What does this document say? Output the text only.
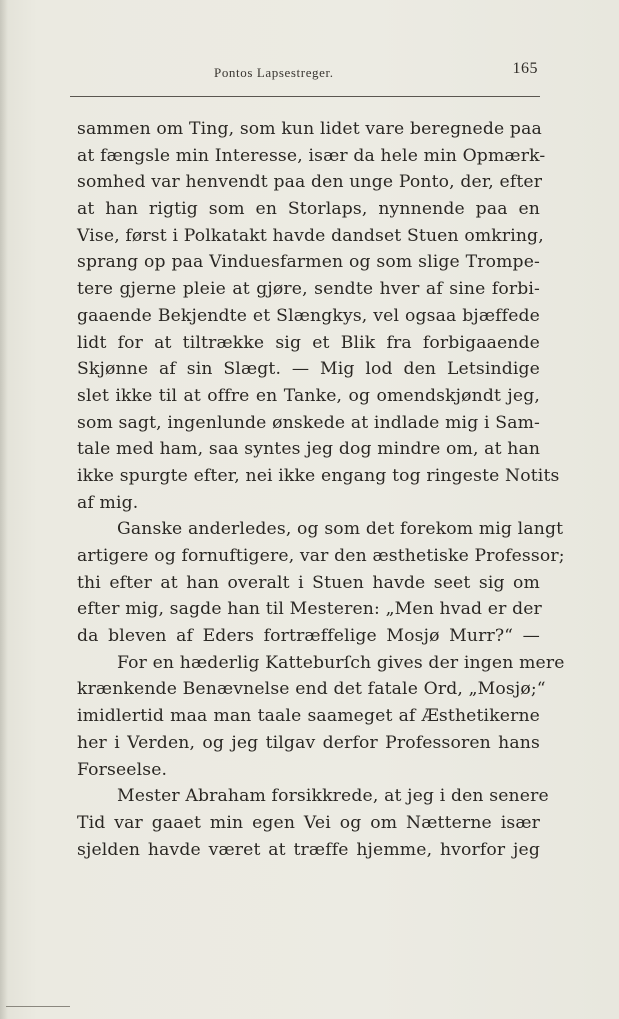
Pontos Lapsestreger.	165
sammen om Ting, som kun lidet vare beregnede paa
at fængsle min Interesse, især da hele min Opmærk-
somhed var henvendt paa den unge Ponto, der, efter
at han rigtig som en Storlaps, nynnende paa en
Vise, først i Polkatakt havde dandset Stuen omkring,
sprang op paa Vinduesfarmen og som slige Trompe-
tere gjerne pleie at gjøre, sendte hver af sine forbi-
gaaende Bekjendte et Slængkys, vel ogsaa bjæffede
lidt for at tiltrække sig et Blik fra forbigaaende
Skjønne af sin Slægt. — Mig lod den Letsindige
slet ikke til at offre en Tanke, og omendskjøndt jeg,
som sagt, ingenlunde ønskede at indlade mig i Sam-
tale med ham, saa syntes jeg dog mindre om, at han
ikke spurgte efter, nei ikke engang tog ringeste Notits
af mig.
Ganske anderledes, og som det forekom mig langt
artigere og fornuftigere, var den æsthetiske Professor;
thi efter at han overalt i Stuen havde seet sig om
efter mig, sagde han til Mesteren: „Men hvad er der
da bleven af Eders fortræffelige Mosjø Murr?“ —
For en hæderlig Katteburſch gives der ingen mere
krænkende Benævnelse end det fatale Ord, „Mosjø;“
imidlertid maa man taale saameget af Æsthetikerne
her i Verden, og jeg tilgav derfor Professoren hans
Forseelse.
Mester Abraham forsikkrede, at jeg i den senere
Tid var gaaet min egen Vei og om Nætterne især
sjelden havde været at træffe hjemme, hvorfor jeg
